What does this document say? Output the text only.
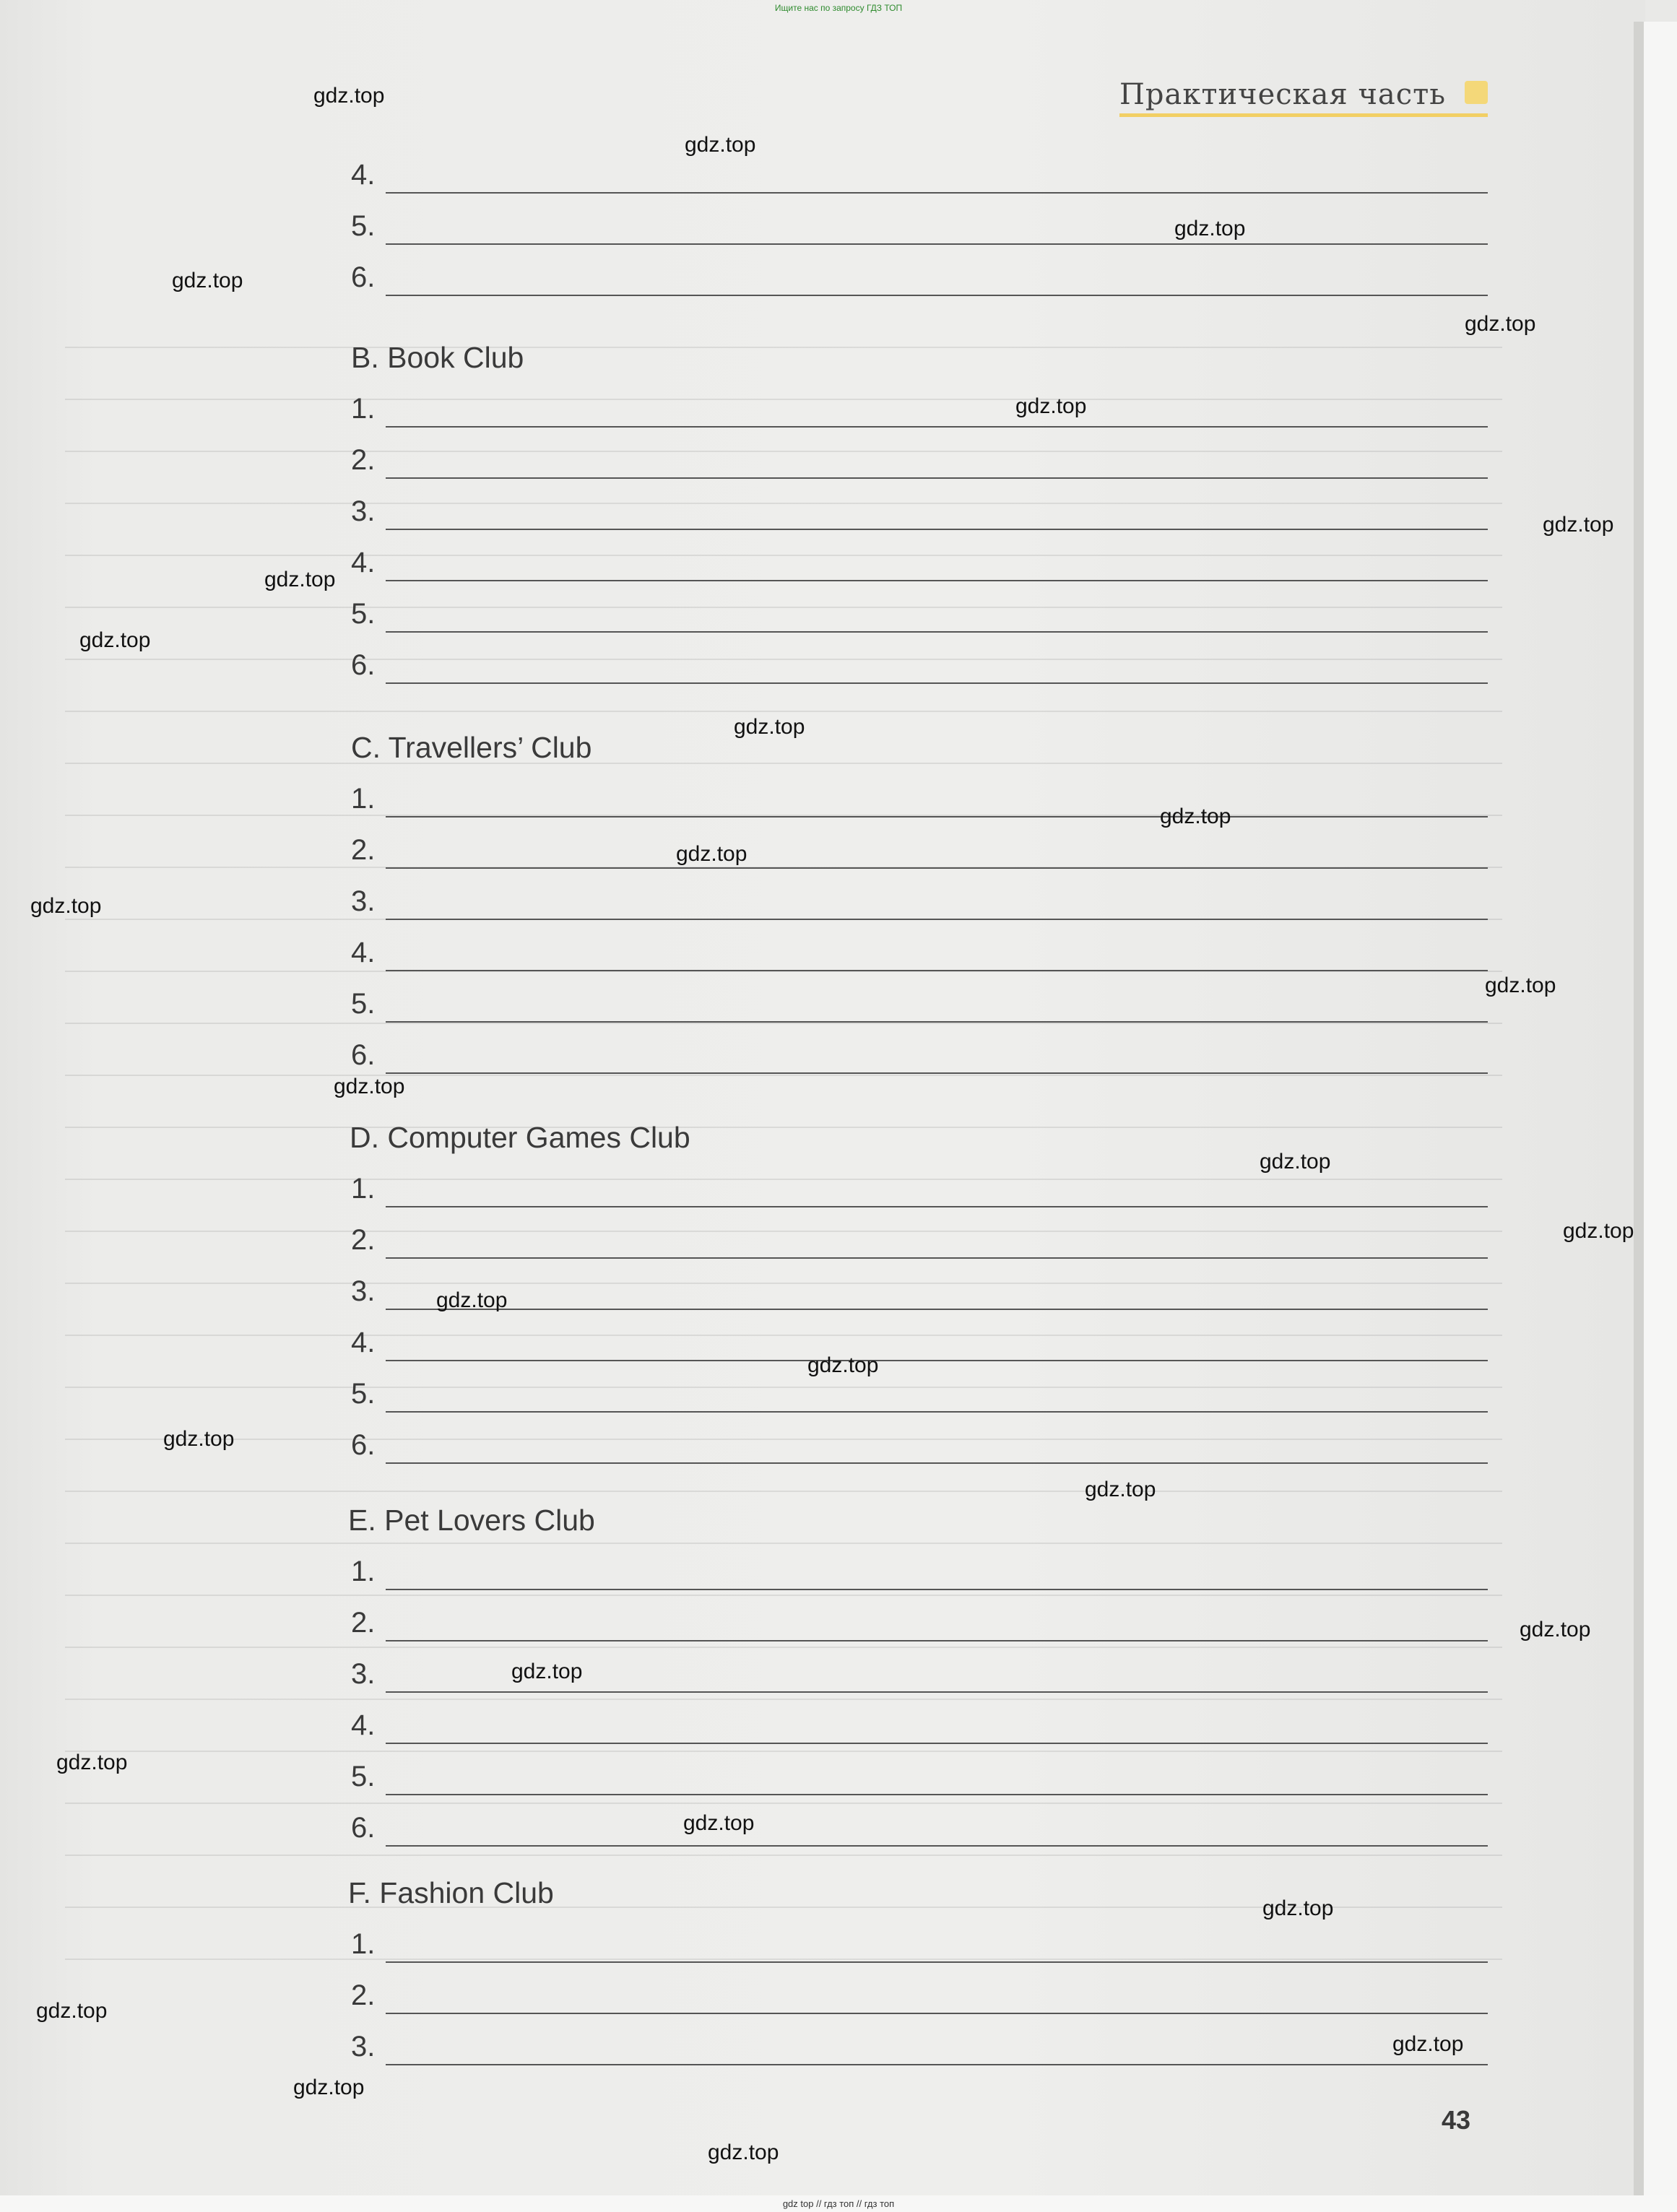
Ищите нас по запросу ГДЗ ТОП
Практическая часть
4.
5.
6.
B. Book Club
1.
2.
3.
4.
5.
6.
C. Travellers’ Club
1.
2.
3.
4.
5.
6.
D. Computer Games Club
1.
2.
3.
4.
5.
6.
E. Pet Lovers Club
1.
2.
3.
4.
5.
6.
F. Fashion Club
1.
2.
3.
43
gdz.top
gdz.top
gdz.top
gdz.top
gdz.top
gdz.top
gdz.top
gdz.top
gdz.top
gdz.top
gdz.top
gdz.top
gdz.top
gdz.top
gdz.top
gdz.top
gdz.top
gdz.top
gdz.top
gdz.top
gdz.top
gdz.top
gdz.top
gdz.top
gdz.top
gdz.top
gdz.top
gdz.top
gdz.top
gdz.top
gdz top // гдз топ // гдз топ
